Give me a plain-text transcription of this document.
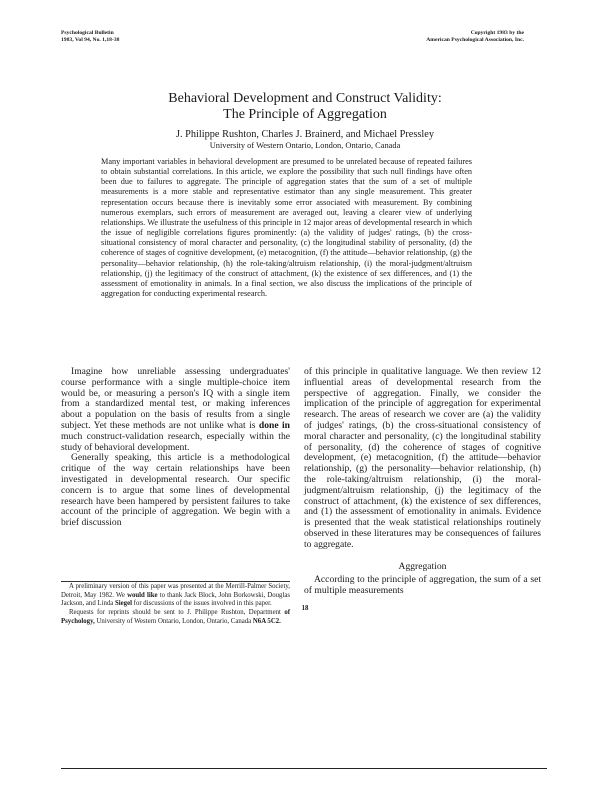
Psychological Bulletin
1983, Vol 94, No. 1,18-38
Copyright 1983 by the
American Psychological Association, Inc.
Behavioral Development and Construct Validity:
The Principle of Aggregation
J. Philippe Rushton, Charles J. Brainerd, and Michael Pressley
University of Western Ontario, London, Ontario, Canada
Many important variables in behavioral development are presumed to be unrelated because of repeated failures to obtain substantial correlations. In this article, we explore the possibility that such null findings have often been due to failures to aggregate. The principle of aggregation states that the sum of a set of multiple measurements is a more stable and representative estimator than any single measurement. This greater representation occurs because there is inevitably some error associated with measurement. By combining numerous exemplars, such errors of measurement are averaged out, leaving a clearer view of underlying relationships. We illustrate the usefulness of this principle in 12 major areas of developmental research in which the issue of negligible correlations figures prominently: (a) the validity of judges' ratings, (b) the cross-situational consistency of moral character and personality, (c) the longitudinal stability of personality, (d) the coherence of stages of cognitive development, (e) metacognition, (f) the attitude—behavior relationship, (g) the personality—behavior relationship, (h) the role-taking/altruism relationship, (i) the moral-judgment/altruism relationship, (j) the legitimacy of the construct of attachment, (k) the existence of sex differences, and (1) the assessment of emotionality in animals. In a final section, we also discuss the implications of the principle of aggregation for conducting experimental research.

Imagine how unreliable assessing undergraduates' course performance with a single multiple-choice item would be, or measuring a person's IQ with a single item from a standardized mental test, or making inferences about a population on the basis of results from a single subject. Yet these methods are not unlike what is done in much construct-validation research, especially within the study of behavioral development.

Generally speaking, this article is a methodological critique of the way certain relationships have been investigated in developmental research. Our specific concern is to argue that some lines of developmental research have been hampered by persistent failures to take account of the principle of aggregation. We begin with a brief discussion

A preliminary version of this paper was presented at the Merrill-Palmer Society, Detroit, May 1982. We would like to thank Jack Block, John Borkowski, Douglas Jackson, and Linda Siegel for discussions of the issues involved in this paper.

Requests for reprints should be sent to J. Philippe Rushton, Department of Psychology, University of Western Ontario, London, Ontario, Canada N6A 5C2.

of this principle in qualitative language. We then review 12 influential areas of developmental research from the perspective of aggregation. Finally, we consider the implication of the principle of aggregation for experimental research. The areas of research we cover are (a) the validity of judges' ratings, (b) the cross-situational consistency of moral character and personality, (c) the longitudinal stability of personality, (d) the coherence of stages of cognitive development, (e) metacognition, (f) the attitude—behavior relationship, (g) the personality—behavior relationship, (h) the role-taking/altruism relationship, (i) the moral-judgment/altruism relationship, (j) the legitimacy of the construct of attachment, (k) the existence of sex differences, and (1) the assessment of emotionality in animals. Evidence is presented that the weak statistical relationships routinely observed in these literatures may be consequences of failures to aggregate.

Aggregation

According to the principle of aggregation, the sum of a set of multiple measurements

18
